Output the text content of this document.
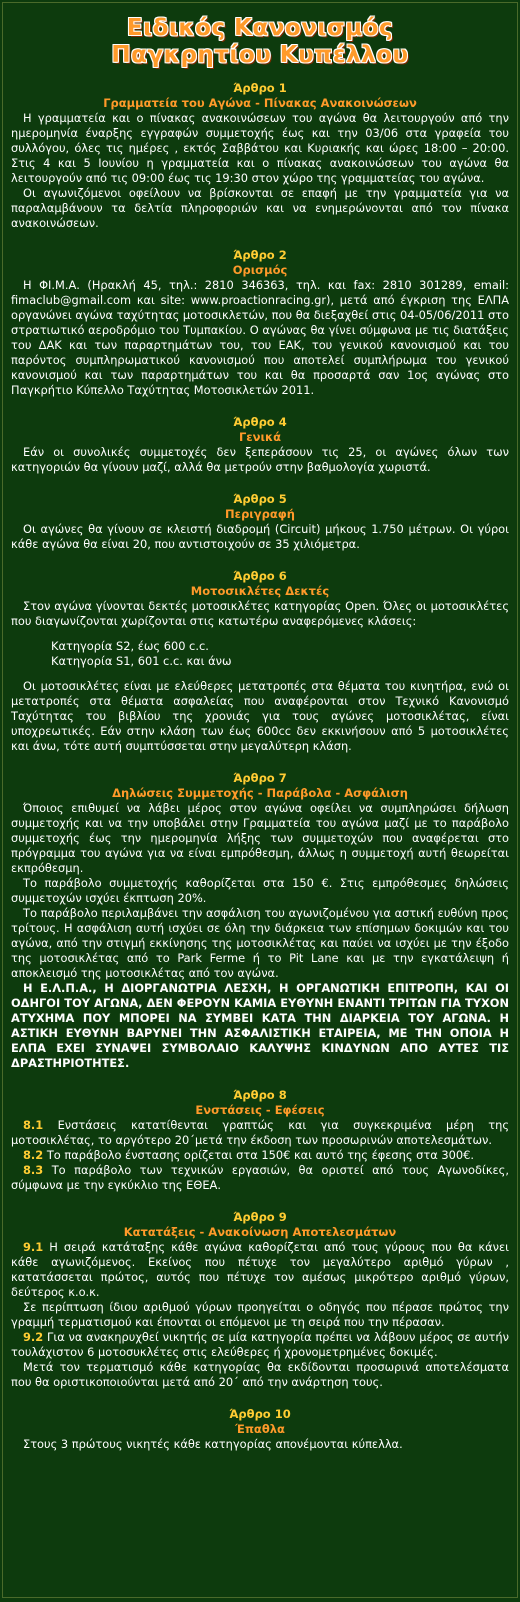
Ειδικός Κανονισμός
Παγκρητίου Κυπέλλου
Άρθρο 1
Γραμματεία του Αγώνα - Πίνακας Ανακοινώσεων

Η γραμματεία και ο πίνακας ανακοινώσεων του αγώνα θα λειτουργούν από την ημερομηνία έναρξης εγγραφών συμμετοχής έως και την 03/06 στα γραφεία του συλλόγου, όλες τις ημέρες , εκτός Σαββάτου και Κυριακής και ώρες 18:00 – 20:00. Στις 4 και 5 Ιουνίου η γραμματεία και ο πίνακας ανακοινώσεων του αγώνα θα λειτουργούν από τις 09:00 έως τις 19:30 στον χώρο της γραμματείας του αγώνα.

Οι αγωνιζόμενοι οφείλουν να βρίσκονται σε επαφή με την γραμματεία για να παραλαμβάνουν τα δελτία πληροφοριών και να ενημερώνονται από τον πίνακα ανακοινώσεων.

Άρθρο 2
Ορισμός

Η ΦΙ.Μ.Α. (Ηρακλή 45, τηλ.: 2810 346363, τηλ. και fax: 2810 301289, email: fimaclub@gmail.com και site: www.proactionracing.gr), μετά από έγκριση της ΕΛΠΑ οργανώνει αγώνα ταχύτητας μοτοσικλετών, που θα διεξαχθεί στις 04-05/06/2011 στο στρατιωτικό αεροδρόμιο του Τυμπακίου. Ο αγώνας θα γίνει σύμφωνα με τις διατάξεις του ΔΑΚ και των παραρτημάτων του, του ΕΑΚ, του γενικού κανονισμού και του παρόντος συμπληρωματικού κανονισμού που αποτελεί συμπλήρωμα του γενικού κανονισμού και των παραρτημάτων του και θα προσαρτά σαν 1ος αγώνας στο Παγκρήτιο Κύπελλο Ταχύτητας Μοτοσικλετών 2011.

Άρθρο 4
Γενικά

Εάν οι συνολικές συμμετοχές δεν ξεπεράσουν τις 25, οι αγώνες όλων των κατηγοριών θα γίνουν μαζί, αλλά θα μετρούν στην βαθμολογία χωριστά.

Άρθρο 5
Περιγραφή

Οι αγώνες θα γίνουν σε κλειστή διαδρομή (Circuit) μήκους 1.750 μέτρων. Οι γύροι κάθε αγώνα θα είναι 20, που αντιστοιχούν σε 35 χιλιόμετρα.

Άρθρο 6
Μοτοσικλέτες Δεκτές

Στον αγώνα γίνονται δεκτές μοτοσικλέτες κατηγορίας Open. Όλες οι μοτοσικλέτες που διαγωνίζονται χωρίζονται στις κατωτέρω αναφερόμενες κλάσεις:

Κατηγορία S2, έως 600 c.c.
Κατηγορία S1, 601 c.c. και άνω

Οι μοτοσικλέτες είναι με ελεύθερες μετατροπές στα θέματα του κινητήρα, ενώ οι μετατροπές στα θέματα ασφαλείας που αναφέρονται στον Τεχνικό Κανονισμό Ταχύτητας του βιβλίου της χρονιάς για τους αγώνες μοτοσικλέτας, είναι υποχρεωτικές. Εάν στην κλάση των έως 600cc δεν εκκινήσουν από 5 μοτοσικλέτες και άνω, τότε αυτή συμπτύσσεται στην μεγαλύτερη κλάση.

Άρθρο 7
Δηλώσεις Συμμετοχής - Παράβολα - Ασφάλιση

Όποιος επιθυμεί να λάβει μέρος στον αγώνα οφείλει να συμπληρώσει δήλωση συμμετοχής και να την υποβάλει στην Γραμματεία του αγώνα μαζί με το παράβολο συμμετοχής έως την ημερομηνία λήξης των συμμετοχών που αναφέρεται στο πρόγραμμα του αγώνα για να είναι εμπρόθεσμη, άλλως η συμμετοχή αυτή θεωρείται εκπρόθεσμη.

Το παράβολο συμμετοχής καθορίζεται στα 150 €. Στις εμπρόθεσμες δηλώσεις συμμετοχών ισχύει έκπτωση 20%.

Το παράβολο περιλαμβάνει την ασφάλιση του αγωνιζομένου για αστική ευθύνη προς τρίτους. Η ασφάλιση αυτή ισχύει σε όλη την διάρκεια των επίσημων δοκιμών και του αγώνα, από την στιγμή εκκίνησης της μοτοσικλέτας και παύει να ισχύει με την έξοδο της μοτοσικλέτας από το Park Ferme ή το Pit Lane και με την εγκατάλειψη ή αποκλεισμό της μοτοσικλέτας από τον αγώνα.

Η Ε.Λ.Π.Α., Η ΔΙΟΡΓΑΝΩΤΡΙΑ ΛΕΣΧΗ, Η ΟΡΓΑΝΩΤΙΚΗ ΕΠΙΤΡΟΠΗ, ΚΑΙ ΟΙ ΟΔΗΓΟΙ ΤΟΥ ΑΓΩΝΑ, ΔΕΝ ΦΕΡΟΥΝ ΚΑΜΙΑ ΕΥΘΥΝΗ ΕΝΑΝΤΙ ΤΡΙΤΩΝ ΓΙΑ ΤΥΧΟΝ ΑΤΥΧΗΜΑ ΠΟΥ ΜΠΟΡΕΙ ΝΑ ΣΥΜΒΕΙ ΚΑΤΑ ΤΗΝ ΔΙΑΡΚΕΙΑ ΤΟΥ ΑΓΩΝΑ. Η ΑΣΤΙΚΗ ΕΥΘΥΝΗ ΒΑΡΥΝΕΙ ΤΗΝ ΑΣΦΑΛΙΣΤΙΚΗ ΕΤΑΙΡΕΙΑ, ΜΕ ΤΗΝ ΟΠΟΙΑ Η ΕΛΠΑ ΕΧΕΙ ΣΥΝΑΨΕΙ ΣΥΜΒΟΛΑΙΟ ΚΑΛΥΨΗΣ ΚΙΝΔΥΝΩΝ ΑΠΟ ΑΥΤΕΣ ΤΙΣ ΔΡΑΣΤΗΡΙΟΤΗΤΕΣ.

Άρθρο 8
Ενστάσεις - Εφέσεις

8.1 Ενστάσεις κατατίθενται γραπτώς και για συγκεκριμένα μέρη της μοτοσικλέτας, το αργότερο 20΄μετά την έκδοση των προσωρινών αποτελεσμάτων.

8.2 Το παράβολο ένστασης ορίζεται στα 150€ και αυτό της έφεσης στα 300€.

8.3 Το παράβολο των τεχνικών εργασιών, θα οριστεί από τους Αγωνοδίκες, σύμφωνα με την εγκύκλιο της ΕΘΕΑ.

Άρθρο 9
Κατατάξεις - Ανακοίνωση Αποτελεσμάτων

9.1 Η σειρά κατάταξης κάθε αγώνα καθορίζεται από τους γύρους που θα κάνει κάθε αγωνιζόμενος. Εκείνος που πέτυχε τον μεγαλύτερο αριθμό γύρων , κατατάσσεται πρώτος, αυτός που πέτυχε τον αμέσως μικρότερο αριθμό γύρων, δεύτερος κ.ο.κ.

Σε περίπτωση ίδιου αριθμού γύρων προηγείται ο οδηγός που πέρασε πρώτος την γραμμή τερματισμού και έπονται οι επόμενοι με τη σειρά που την πέρασαν.

9.2 Για να ανακηρυχθεί νικητής σε μία κατηγορία πρέπει να λάβουν μέρος σε αυτήν τουλάχιστον 6 μοτοσυκλέτες στις ελεύθερες ή χρονομετρημένες δοκιμές.

Μετά τον τερματισμό κάθε κατηγορίας θα εκδίδονται προσωρινά αποτελέσματα που θα οριστικοποιούνται μετά από 20΄ από την ανάρτηση τους.

Άρθρο 10
Έπαθλα

Στους 3 πρώτους νικητές κάθε κατηγορίας απονέμονται κύπελλα.
